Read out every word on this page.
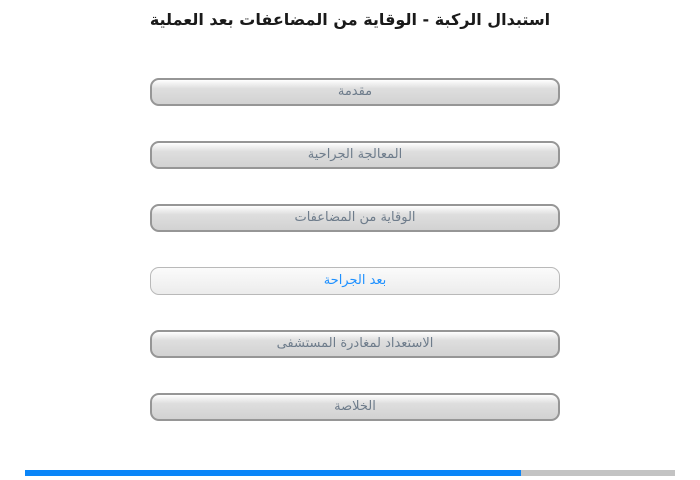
استبدال الركبة - الوقاية من المضاعفات بعد العملية
مقدمة
المعالجة الجراحية
الوقاية من المضاعفات
بعد الجراحة
الاستعداد لمغادرة المستشفى
الخلاصة
